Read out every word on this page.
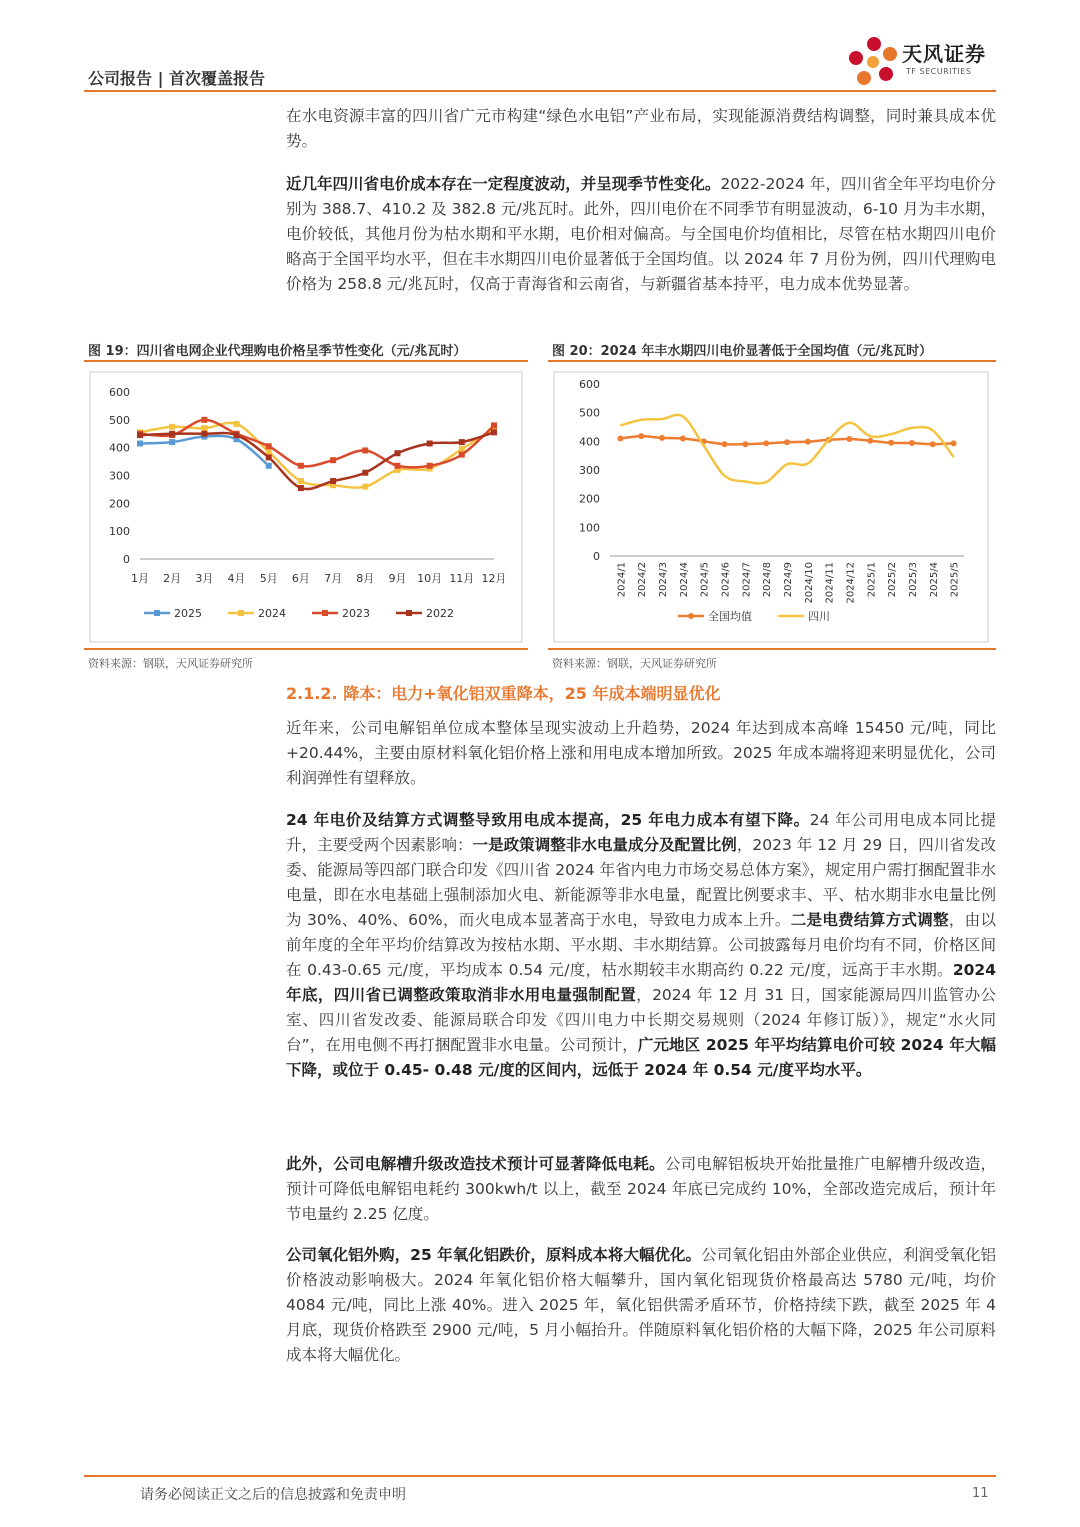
公司报告 | 首次覆盖报告
天风证券
TF SECURITIES

在水电资源丰富的四川省广元市构建“绿色水电铝”产业布局，实现能源消费结构调整，同时兼具成本优势。

近几年四川省电价成本存在一定程度波动，并呈现季节性变化。2022-2024 年，四川省全年平均电价分别为 388.7、410.2 及 382.8 元/兆瓦时。此外，四川电价在不同季节有明显波动，6-10 月为丰水期，电价较低，其他月份为枯水期和平水期，电价相对偏高。与全国电价均值相比，尽管在枯水期四川电价略高于全国平均水平，但在丰水期四川电价显著低于全国均值。以 2024 年 7 月份为例，四川代理购电价格为 258.8 元/兆瓦时，仅高于青海省和云南省，与新疆省基本持平，电力成本优势显著。

图 19：四川省电网企业代理购电价格呈季节性变化（元/兆瓦时）
0
100
200
300
400
500
600
1月 2月 3月 4月 5月 6月 7月 8月 9月 10月 11月 12月
2025	2024	2023	2022
资料来源：钢联，天风证券研究所
图 20：2024 年丰水期四川电价显著低于全国均值（元/兆瓦时）
0
100
200
300
400
500
600
2024/1 2024/2 2024/3 2024/4 2024/5 2024/6 2024/7 2024/8 2024/9 2024/10 2024/11 2024/12 2025/1 2025/2 2025/3 2025/4 2025/5
全国均值	四川
资料来源：钢联，天风证券研究所
2.1.2. 降本：电力+氧化铝双重降本，25 年成本端明显优化

近年来，公司电解铝单位成本整体呈现实波动上升趋势，2024 年达到成本高峰 15450 元/吨，同比+20.44%，主要由原材料氧化铝价格上涨和用电成本增加所致。2025 年成本端将迎来明显优化，公司利润弹性有望释放。

24 年电价及结算方式调整导致用电成本提高，25 年电力成本有望下降。24 年公司用电成本同比提升，主要受两个因素影响：一是政策调整非水电量成分及配置比例，2023 年 12 月 29 日，四川省发改委、能源局等四部门联合印发《四川省 2024 年省内电力市场交易总体方案》，规定用户需打捆配置非水电量，即在水电基础上强制添加火电、新能源等非水电量，配置比例要求丰、平、枯水期非水电量比例为 30%、40%、60%，而火电成本显著高于水电，导致电力成本上升。二是电费结算方式调整，由以前年度的全年平均价结算改为按枯水期、平水期、丰水期结算。公司披露每月电价均有不同，价格区间在 0.43-0.65 元/度，平均成本 0.54 元/度，枯水期较丰水期高约 0.22 元/度，远高于丰水期。2024 年底，四川省已调整政策取消非水用电量强制配置，2024 年 12 月 31 日，国家能源局四川监管办公室、四川省发改委、能源局联合印发《四川电力中长期交易规则（2024 年修订版）》，规定“水火同台”，在用电侧不再打捆配置非水电量。公司预计，广元地区 2025 年平均结算电价可较 2024 年大幅下降，或位于 0.45- 0.48 元/度的区间内，远低于 2024 年 0.54 元/度平均水平。

此外，公司电解槽升级改造技术预计可显著降低电耗。公司电解铝板块开始批量推广电解槽升级改造，预计可降低电解铝电耗约 300kwh/t 以上，截至 2024 年底已完成约 10%，全部改造完成后，预计年节电量约 2.25 亿度。

公司氧化铝外购，25 年氧化铝跌价，原料成本将大幅优化。公司氧化铝由外部企业供应，利润受氧化铝价格波动影响极大。2024 年氧化铝价格大幅攀升，国内氧化铝现货价格最高达 5780 元/吨，均价 4084 元/吨，同比上涨 40%。进入 2025 年，氧化铝供需矛盾环节，价格持续下跌，截至 2025 年 4 月底，现货价格跌至 2900 元/吨，5 月小幅抬升。伴随原料氧化铝价格的大幅下降，2025 年公司原料成本将大幅优化。

请务必阅读正文之后的信息披露和免责申明	11
